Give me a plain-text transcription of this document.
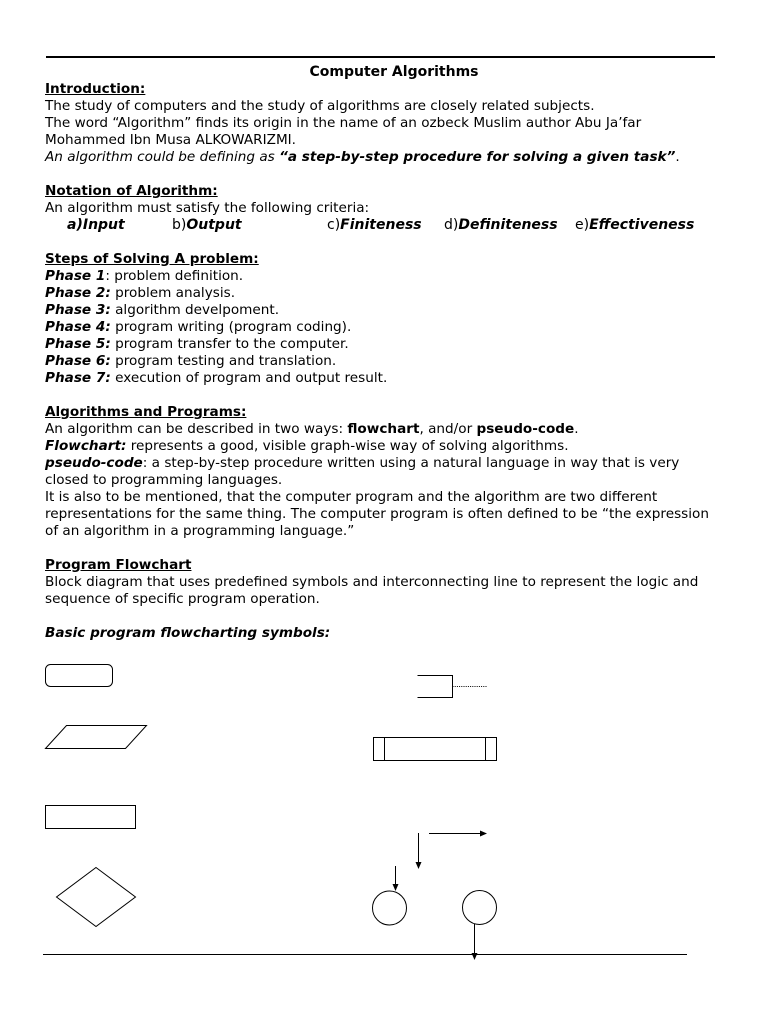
Computer Algorithms

Introduction:

The study of computers and the study of algorithms are closely related subjects.

The word “Algorithm” finds its origin in the name of an ozbeck Muslim author Abu Ja’far

Mohammed Ibn Musa ALKOWARIZMI.

An algorithm could be defining as “a step-by-step procedure for solving a given task”.

Notation of Algorithm:

An algorithm must satisfy the following criteria:

a)Input	b)Output	c)Finiteness	d)Definiteness	e)Effectiveness

Steps of Solving A problem:

Phase 1: problem definition.

Phase 2: problem analysis.

Phase 3: algorithm develpoment.

Phase 4: program writing (program coding).

Phase 5: program transfer to the computer.

Phase 6: program testing and translation.

Phase 7: execution of program and output result.

Algorithms and Programs:

An algorithm can be described in two ways: flowchart, and/or pseudo-code.

Flowchart: represents a good, visible graph-wise way of solving algorithms.

pseudo-code: a step-by-step procedure written using a natural language in way that is very

closed to programming languages.

It is also to be mentioned, that the computer program and the algorithm are two different

representations for the same thing. The computer program is often defined to be “the expression

of an algorithm in a programming language.”

Program Flowchart

Block diagram that uses predefined symbols and interconnecting line to represent the logic and

sequence of specific program operation.

Basic program flowcharting symbols:
